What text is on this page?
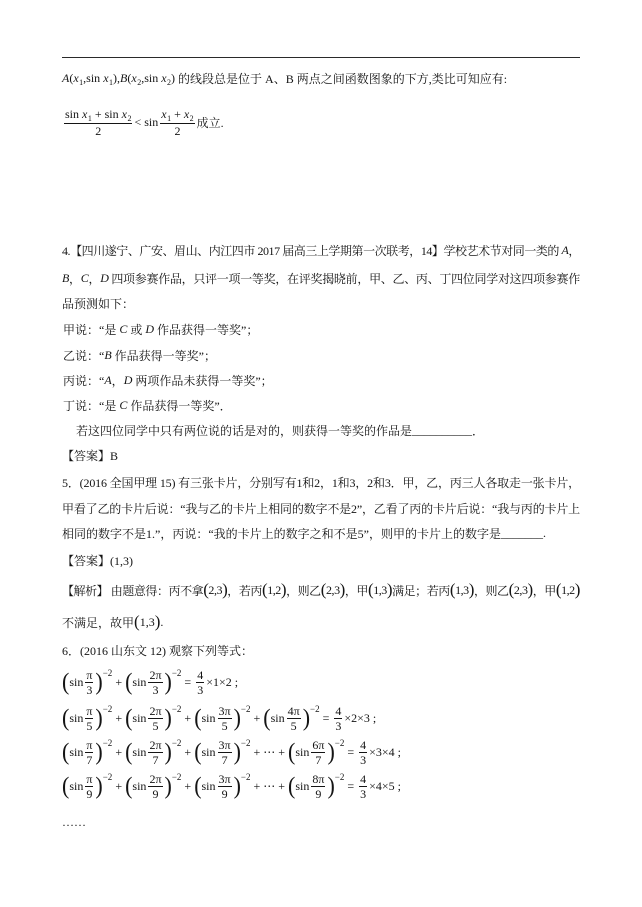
A ( $x_1$ ,sin $x_1$ ), B ( $x_2$ ,sin $x_2$ ) 的线段总是位于 A、B 两点之间函数图象的下方,类比可知应有:
$\frac{\sin x_1 + \sin x_2}{2} < \sin \frac{x_1 + x_2}{2}$ 成立.
4.【四川遂宁、广安、眉山、内江四市 2017 届高三上学期第一次联考，14】学校艺术节对同一类的 A ，
B ， C ， D 四项参赛作品，只评一项一等奖，在评奖揭晓前，甲、乙、丙、丁四位同学对这四项参赛作
品预测如下：
甲说：“是 C 或 D 作品获得一等奖”；
乙说：“ B 作品获得一等奖”；
丙说：“ A ， D 两项作品未获得一等奖”；
丁说：“是 C 作品获得一等奖”．
若这四位同学中只有两位说的话是对的，则获得一等奖的作品是 __________ ．
【答案】B
5．(2016 全国甲理 15) 有三张卡片，分别写有1和2，1和3，2和3．甲，乙，丙三人各取走一张卡片，
甲看了乙的卡片后说：“我与乙的卡片上相同的数字不是2”，乙看了丙的卡片后说：“我与丙的卡片上
相同的数字不是1.”，丙说：“我的卡片上的数字之和不是5”，则甲的卡片上的数字是 _______ .
【答案】(1,3)
【解析】 由题意得：丙不拿 ( 2,3 ) ，若丙 ( 1,2 ) ，则乙 ( 2,3 ) ，甲 ( 1,3 ) 满足；若丙 ( 1,3 ) ，则乙 ( 2,3 ) ，甲 ( 1,2 )
不满足，故甲 ( 1,3 ) .
6．(2016 山东文 12) 观察下列等式：
( $\sin \frac{\pi}{3}$ ) −2
+ ( $\sin \frac{2\pi}{3}$ ) −2
= $\frac{4}{3} \times 1\times 2$ ;
( $\sin \frac{\pi}{5}$ ) −2
+ ( $\sin \frac{2\pi}{5}$ ) −2
+ ( $\sin \frac{3\pi}{5}$ ) −2
+ ( $\sin \frac{4\pi}{5}$ ) −2
= $\frac{4}{3} \times 2\times 3$ ;
( $\sin \frac{\pi}{7}$ ) −2
+ ( $\sin \frac{2\pi}{7}$ ) −2
+ ( $\sin \frac{3\pi}{7}$ ) −2
+ ⋯ + ( $\sin \frac{6\pi}{7}$ ) −2
= $\frac{4}{3} \times 3\times 4$ ;
( $\sin \frac{\pi}{9}$ ) −2
+ ( $\sin \frac{2\pi}{9}$ ) −2
+ ( $\sin \frac{3\pi}{9}$ ) −2
+ ⋯ + ( $\sin \frac{8\pi}{9}$ ) −2
= $\frac{4}{3} \times 4\times 5$ ;
……
